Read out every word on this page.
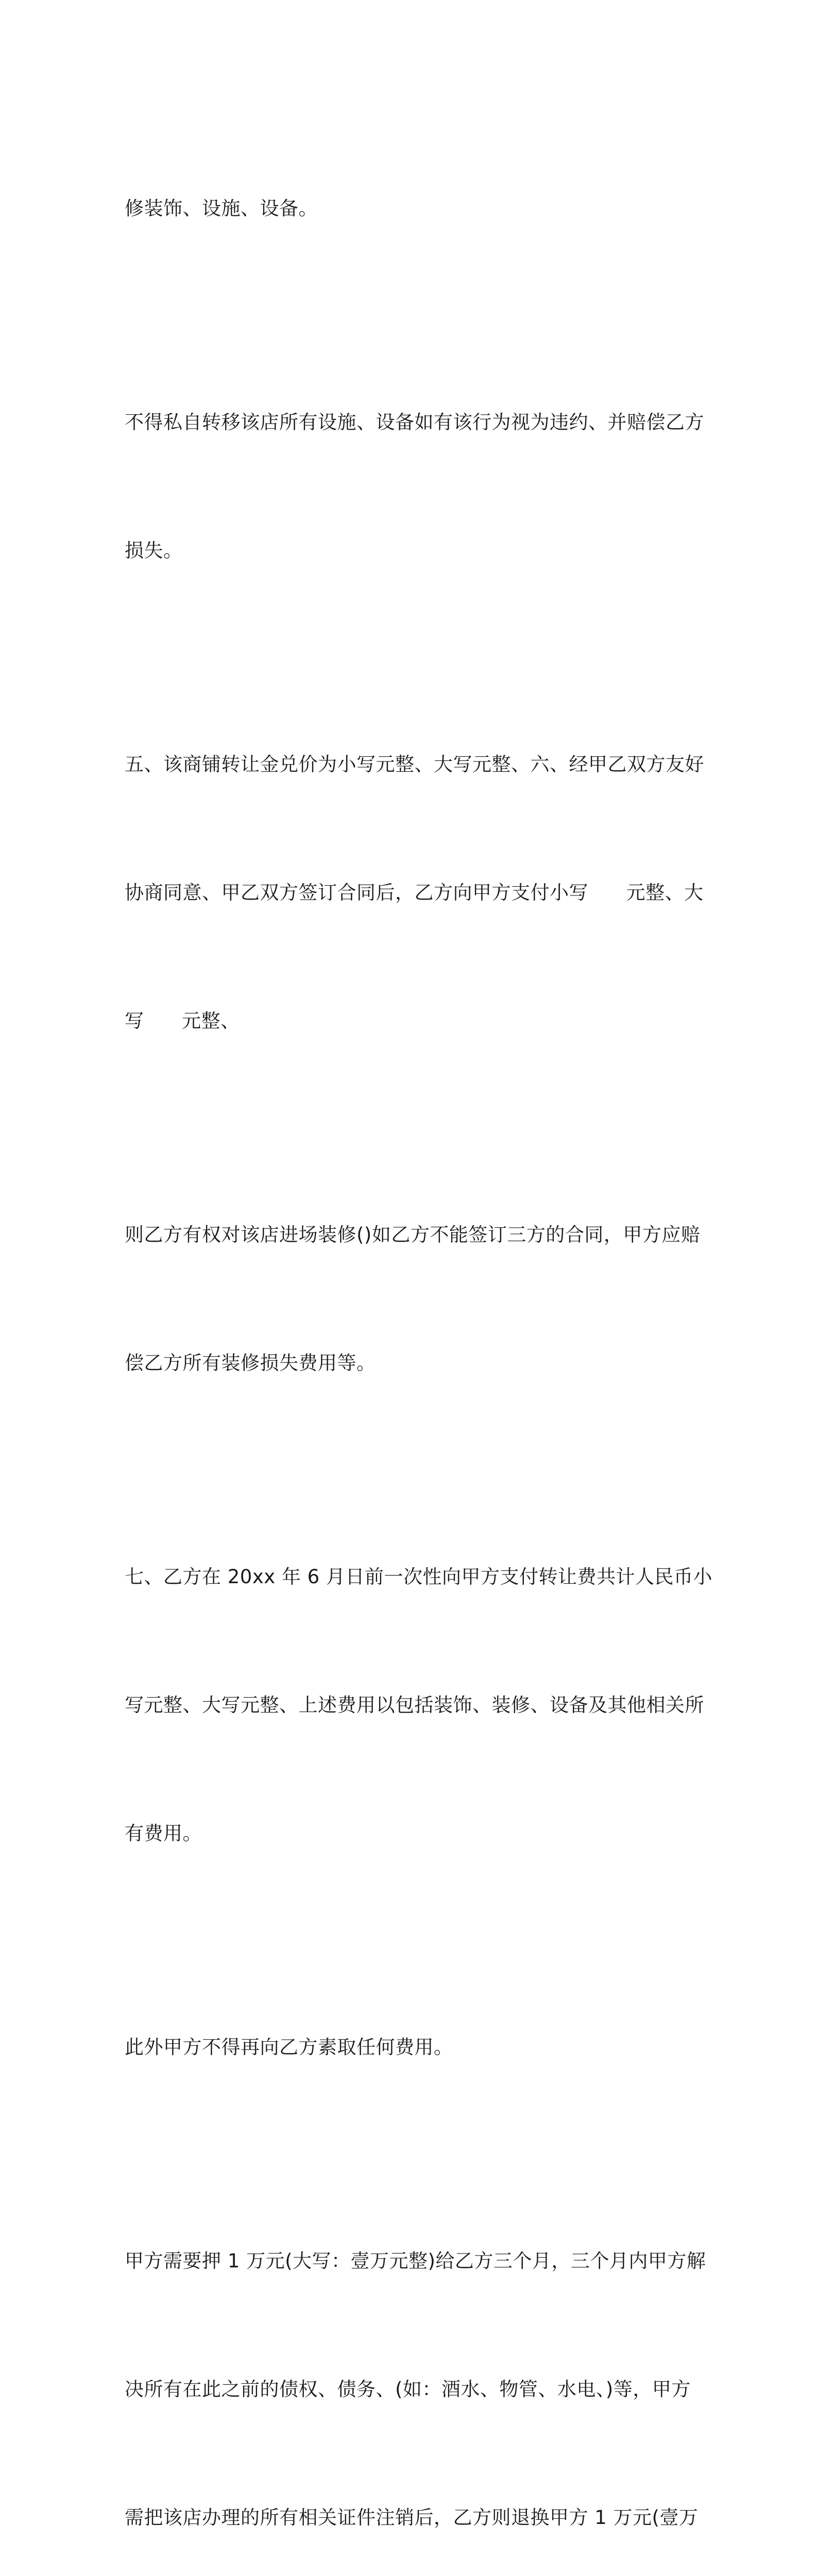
修装饰、设施、设备。

不得私自转移该店所有设施、设备如有该行为视为违约、并赔偿乙方

损失。

五、该商铺转让金兑价为小写元整、大写元整、六、经甲乙双方友好

协商同意、甲乙双方签订合同后，乙方向甲方支付小写      元整、大

写      元整、

则乙方有权对该店进场装修()如乙方不能签订三方的合同，甲方应赔

偿乙方所有装修损失费用等。

七、乙方在 20xx 年 6 月日前一次性向甲方支付转让费共计人民币小

写元整、大写元整、上述费用以包括装饰、装修、设备及其他相关所

有费用。

此外甲方不得再向乙方素取任何费用。

甲方需要押 1 万元(大写：壹万元整)给乙方三个月，三个月内甲方解

决所有在此之前的债权、债务、(如：酒水、物管、水电、)等，甲方

需把该店办理的所有相关证件注销后，乙方则退换甲方 1 万元(壹万
